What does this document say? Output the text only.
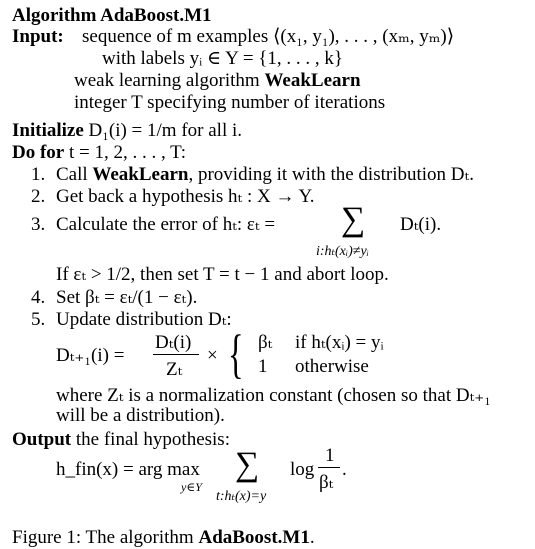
Algorithm AdaBoost.M1
Input: sequence of m examples ⟨(x₁, y₁), . . . , (xₘ, yₘ)⟩
with labels yᵢ ∈ Y = {1, . . . , k}
weak learning algorithm WeakLearn
integer T specifying number of iterations
Initialize D₁(i) = 1/m for all i.
Do for t = 1, 2, . . . , T:
1. Call WeakLearn, providing it with the distribution Dₜ.
2. Get back a hypothesis hₜ : X → Y.
3. Calculate the error of hₜ: εₜ = ∑
i:hₜ(xᵢ)≠yᵢ
Dₜ(i).
If εₜ > 1/2, then set T = t − 1 and abort loop.
4. Set βₜ = εₜ/(1 − εₜ).
5. Update distribution Dₜ:
Dₜ₊₁(i) =
Dₜ(i)
Zₜ
× { βₜ if hₜ(xᵢ) = yᵢ
1 otherwise
where Zₜ is a normalization constant (chosen so that Dₜ₊₁
will be a distribution).
Output the final hypothesis:
h_fin(x) = arg max
y∈Y
∑
t:hₜ(x)=y
log
1
βₜ
.
Figure 1: The algorithm AdaBoost.M1.
